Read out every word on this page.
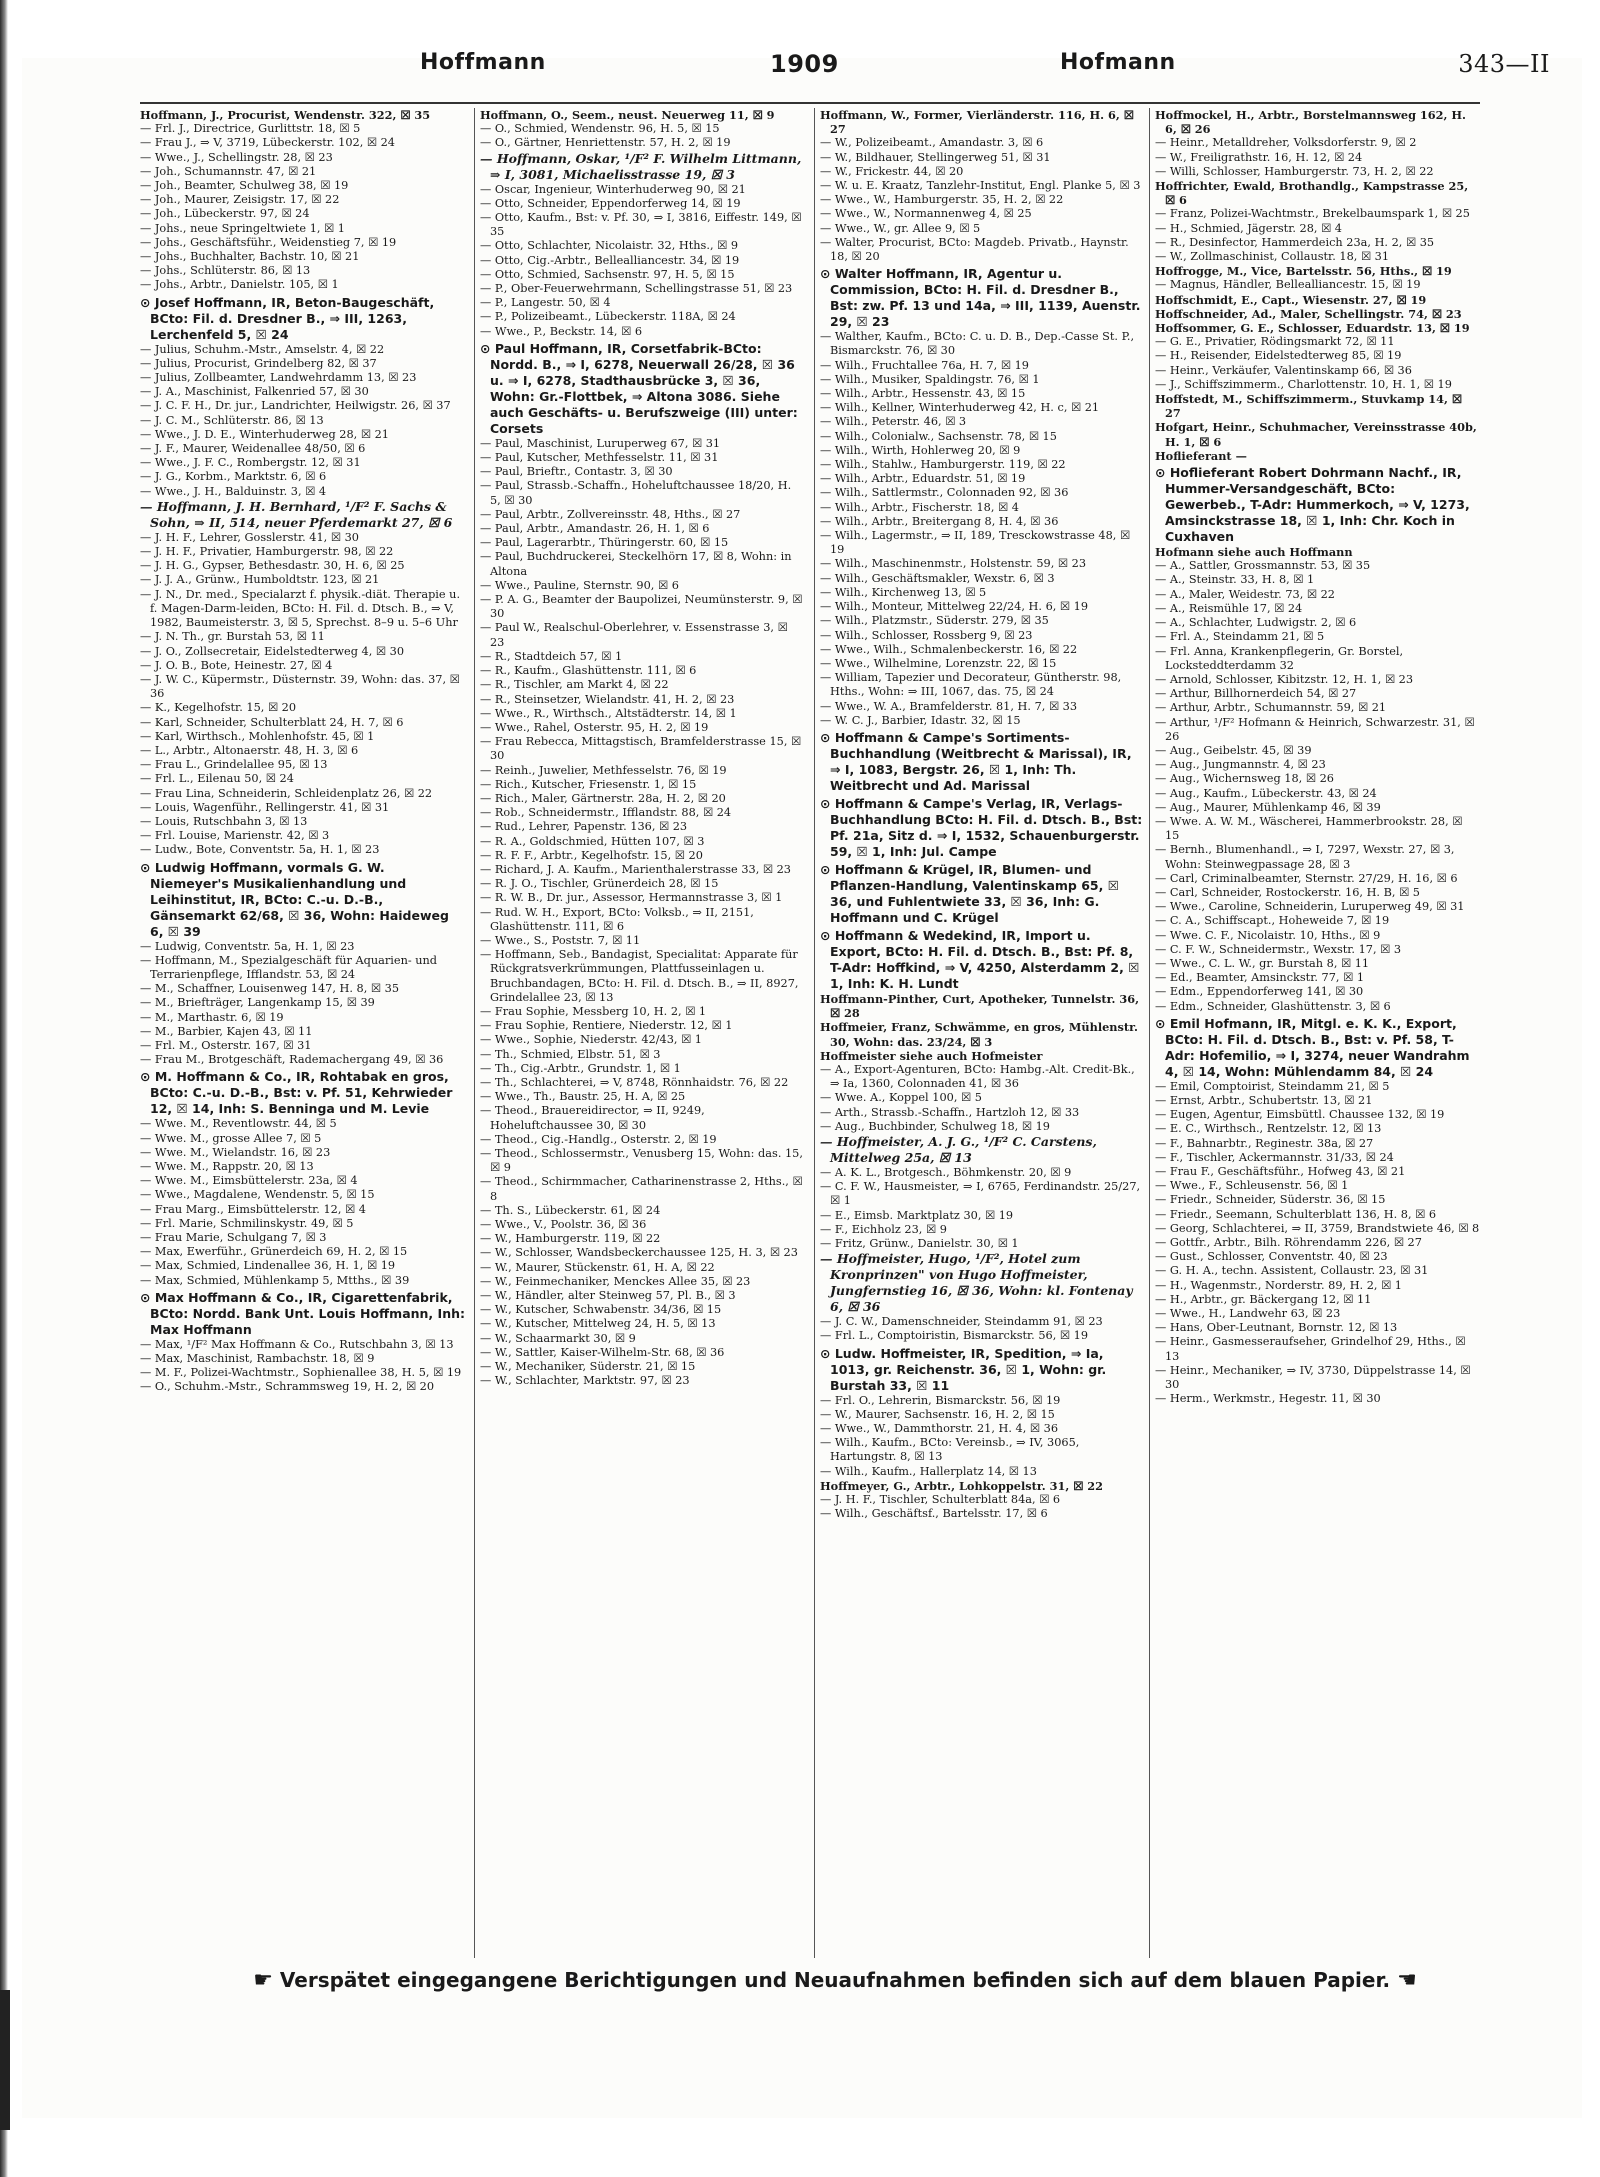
Hoffmann	1909	Hofmann	343—II

Hoffmann, J., Procurist, Wendenstr. 322, ☒ 35

— Frl. J., Directrice, Gurlittstr. 18, ☒ 5

— Frau J., ⇒ V, 3719, Lübeckerstr. 102, ☒ 24

— Wwe., J., Schellingstr. 28, ☒ 23

— Joh., Schumannstr. 47, ☒ 21

— Joh., Beamter, Schulweg 38, ☒ 19

— Joh., Maurer, Zeisigstr. 17, ☒ 22

— Joh., Lübeckerstr. 97, ☒ 24

— Johs., neue Springeltwiete 1, ☒ 1

— Johs., Geschäftsführ., Weidenstieg 7, ☒ 19

— Johs., Buchhalter, Bachstr. 10, ☒ 21

— Johs., Schlüterstr. 86, ☒ 13

— Johs., Arbtr., Danielstr. 105, ☒ 1

⊙ Josef Hoffmann, IR, Beton-Baugeschäft, BCto: Fil. d. Dresdner B., ⇒ III, 1263, Lerchenfeld 5, ☒ 24

— Julius, Schuhm.-Mstr., Amselstr. 4, ☒ 22

— Julius, Procurist, Grindelberg 82, ☒ 37

— Julius, Zollbeamter, Landwehrdamm 13, ☒ 23

— J. A., Maschinist, Falkenried 57, ☒ 30

— J. C. F. H., Dr. jur., Landrichter, Heilwigstr. 26, ☒ 37

— J. C. M., Schlüterstr. 86, ☒ 13

— Wwe., J. D. E., Winterhuderweg 28, ☒ 21

— J. F., Maurer, Weidenallee 48/50, ☒ 6

— Wwe., J. F. C., Rombergstr. 12, ☒ 31

— J. G., Korbm., Marktstr. 6, ☒ 6

— Wwe., J. H., Balduinstr. 3, ☒ 4

— Hoffmann, J. H. Bernhard, ¹/F² F. Sachs & Sohn, ⇒ II, 514, neuer Pferdemarkt 27, ☒ 6

— J. H. F., Lehrer, Gosslerstr. 41, ☒ 30

— J. H. F., Privatier, Hamburgerstr. 98, ☒ 22

— J. H. G., Gypser, Bethesdastr. 30, H. 6, ☒ 25

— J. J. A., Grünw., Humboldtstr. 123, ☒ 21

— J. N., Dr. med., Specialarzt f. physik.-diät. Therapie u. f. Magen-Darm-leiden, BCto: H. Fil. d. Dtsch. B., ⇒ V, 1982, Baumeisterstr. 3, ☒ 5, Sprechst. 8–9 u. 5–6 Uhr

— J. N. Th., gr. Burstah 53, ☒ 11

— J. O., Zollsecretair, Eidelstedterweg 4, ☒ 30

— J. O. B., Bote, Heinestr. 27, ☒ 4

— J. W. C., Küpermstr., Düsternstr. 39, Wohn: das. 37, ☒ 36

— K., Kegelhofstr. 15, ☒ 20

— Karl, Schneider, Schulterblatt 24, H. 7, ☒ 6

— Karl, Wirthsch., Mohlenhofstr. 45, ☒ 1

— L., Arbtr., Altonaerstr. 48, H. 3, ☒ 6

— Frau L., Grindelallee 95, ☒ 13

— Frl. L., Eilenau 50, ☒ 24

— Frau Lina, Schneiderin, Schleidenplatz 26, ☒ 22

— Louis, Wagenführ., Rellingerstr. 41, ☒ 31

— Louis, Rutschbahn 3, ☒ 13

— Frl. Louise, Marienstr. 42, ☒ 3

— Ludw., Bote, Conventstr. 5a, H. 1, ☒ 23

⊙ Ludwig Hoffmann, vormals G. W. Niemeyer's Musikalienhandlung und Leihinstitut, IR, BCto: C.-u. D.-B., Gänsemarkt 62/68, ☒ 36, Wohn: Haideweg 6, ☒ 39

— Ludwig, Conventstr. 5a, H. 1, ☒ 23

— Hoffmann, M., Spezialgeschäft für Aquarien- und Terrarienpflege, Ifflandstr. 53, ☒ 24

— M., Schaffner, Louisenweg 147, H. 8, ☒ 35

— M., Briefträger, Langenkamp 15, ☒ 39

— M., Marthastr. 6, ☒ 19

— M., Barbier, Kajen 43, ☒ 11

— Frl. M., Osterstr. 167, ☒ 31

— Frau M., Brotgeschäft, Rademachergang 49, ☒ 36

⊙ M. Hoffmann & Co., IR, Rohtabak en gros, BCto: C.-u. D.-B., Bst: v. Pf. 51, Kehrwieder 12, ☒ 14, Inh: S. Benninga und M. Levie

— Wwe. M., Reventlowstr. 44, ☒ 5

— Wwe. M., grosse Allee 7, ☒ 5

— Wwe. M., Wielandstr. 16, ☒ 23

— Wwe. M., Rappstr. 20, ☒ 13

— Wwe. M., Eimsbüttelerstr. 23a, ☒ 4

— Wwe., Magdalene, Wendenstr. 5, ☒ 15

— Frau Marg., Eimsbüttelerstr. 12, ☒ 4

— Frl. Marie, Schmilinskystr. 49, ☒ 5

— Frau Marie, Schulgang 7, ☒ 3

— Max, Ewerführ., Grünerdeich 69, H. 2, ☒ 15

— Max, Schmied, Lindenallee 36, H. 1, ☒ 19

— Max, Schmied, Mühlenkamp 5, Mtths., ☒ 39

⊙ Max Hoffmann & Co., IR, Cigarettenfabrik, BCto: Nordd. Bank Unt. Louis Hoffmann, Inh: Max Hoffmann

— Max, ¹/F² Max Hoffmann & Co., Rutschbahn 3, ☒ 13

— Max, Maschinist, Rambachstr. 18, ☒ 9

— M. F., Polizei-Wachtmstr., Sophienallee 38, H. 5, ☒ 19

— O., Schuhm.-Mstr., Schrammsweg 19, H. 2, ☒ 20

Hoffmann, O., Seem., neust. Neuerweg 11, ☒ 9

— O., Schmied, Wendenstr. 96, H. 5, ☒ 15

— O., Gärtner, Henriettenstr. 57, H. 2, ☒ 19

— Hoffmann, Oskar, ¹/F² F. Wilhelm Littmann, ⇒ I, 3081, Michaelisstrasse 19, ☒ 3

— Oscar, Ingenieur, Winterhuderweg 90, ☒ 21

— Otto, Schneider, Eppendorferweg 14, ☒ 19

— Otto, Kaufm., Bst: v. Pf. 30, ⇒ I, 3816, Eiffestr. 149, ☒ 35

— Otto, Schlachter, Nicolaistr. 32, Hths., ☒ 9

— Otto, Cig.-Arbtr., Bellealliancestr. 34, ☒ 19

— Otto, Schmied, Sachsenstr. 97, H. 5, ☒ 15

— P., Ober-Feuerwehrmann, Schellingstrasse 51, ☒ 23

— P., Langestr. 50, ☒ 4

— P., Polizeibeamt., Lübeckerstr. 118A, ☒ 24

— Wwe., P., Beckstr. 14, ☒ 6

⊙ Paul Hoffmann, IR, Corsetfabrik-BCto: Nordd. B., ⇒ I, 6278, Neuerwall 26/28, ☒ 36 u. ⇒ I, 6278, Stadthausbrücke 3, ☒ 36, Wohn: Gr.-Flottbek, ⇒ Altona 3086. Siehe auch Geschäfts- u. Berufszweige (III) unter: Corsets

— Paul, Maschinist, Luruperweg 67, ☒ 31

— Paul, Kutscher, Methfesselstr. 11, ☒ 31

— Paul, Brieftr., Contastr. 3, ☒ 30

— Paul, Strassb.-Schaffn., Hoheluftchaussee 18/20, H. 5, ☒ 30

— Paul, Arbtr., Zollvereinsstr. 48, Hths., ☒ 27

— Paul, Arbtr., Amandastr. 26, H. 1, ☒ 6

— Paul, Lagerarbtr., Thüringerstr. 60, ☒ 15

— Paul, Buchdruckerei, Steckelhörn 17, ☒ 8, Wohn: in Altona

— Wwe., Pauline, Sternstr. 90, ☒ 6

— P. A. G., Beamter der Baupolizei, Neumünsterstr. 9, ☒ 30

— Paul W., Realschul-Oberlehrer, v. Essenstrasse 3, ☒ 23

— R., Stadtdeich 57, ☒ 1

— R., Kaufm., Glashüttenstr. 111, ☒ 6

— R., Tischler, am Markt 4, ☒ 22

— R., Steinsetzer, Wielandstr. 41, H. 2, ☒ 23

— Wwe., R., Wirthsch., Altstädterstr. 14, ☒ 1

— Wwe., Rahel, Osterstr. 95, H. 2, ☒ 19

— Frau Rebecca, Mittagstisch, Bramfelderstrasse 15, ☒ 30

— Reinh., Juwelier, Methfesselstr. 76, ☒ 19

— Rich., Kutscher, Friesenstr. 1, ☒ 15

— Rich., Maler, Gärtnerstr. 28a, H. 2, ☒ 20

— Rob., Schneidermstr., Ifflandstr. 88, ☒ 24

— Rud., Lehrer, Papenstr. 136, ☒ 23

— R. A., Goldschmied, Hütten 107, ☒ 3

— R. F. F., Arbtr., Kegelhofstr. 15, ☒ 20

— Richard, J. A. Kaufm., Marienthalerstrasse 33, ☒ 23

— R. J. O., Tischler, Grünerdeich 28, ☒ 15

— R. W. B., Dr. jur., Assessor, Hermannstrasse 3, ☒ 1

— Rud. W. H., Export, BCto: Volksb., ⇒ II, 2151, Glashüttenstr. 111, ☒ 6

— Wwe., S., Poststr. 7, ☒ 11

— Hoffmann, Seb., Bandagist, Specialitat: Apparate für Rückgratsverkrümmungen, Plattfusseinlagen u. Bruchbandagen, BCto: H. Fil. d. Dtsch. B., ⇒ II, 8927, Grindelallee 23, ☒ 13

— Frau Sophie, Messberg 10, H. 2, ☒ 1

— Frau Sophie, Rentiere, Niederstr. 12, ☒ 1

— Wwe., Sophie, Niederstr. 42/43, ☒ 1

— Th., Schmied, Elbstr. 51, ☒ 3

— Th., Cig.-Arbtr., Grundstr. 1, ☒ 1

— Th., Schlachterei, ⇒ V, 8748, Rönnhaidstr. 76, ☒ 22

— Wwe., Th., Baustr. 25, H. A, ☒ 25

— Theod., Brauereidirector, ⇒ II, 9249, Hoheluftchaussee 30, ☒ 30

— Theod., Cig.-Handlg., Osterstr. 2, ☒ 19

— Theod., Schlossermstr., Venusberg 15, Wohn: das. 15, ☒ 9

— Theod., Schirmmacher, Catharinenstrasse 2, Hths., ☒ 8

— Th. S., Lübeckerstr. 61, ☒ 24

— Wwe., V., Poolstr. 36, ☒ 36

— W., Hamburgerstr. 119, ☒ 22

— W., Schlosser, Wandsbeckerchaussee 125, H. 3, ☒ 23

— W., Maurer, Stückenstr. 61, H. A, ☒ 22

— W., Feinmechaniker, Menckes Allee 35, ☒ 23

— W., Händler, alter Steinweg 57, Pl. B., ☒ 3

— W., Kutscher, Schwabenstr. 34/36, ☒ 15

— W., Kutscher, Mittelweg 24, H. 5, ☒ 13

— W., Schaarmarkt 30, ☒ 9

— W., Sattler, Kaiser-Wilhelm-Str. 68, ☒ 36

— W., Mechaniker, Süderstr. 21, ☒ 15

— W., Schlachter, Marktstr. 97, ☒ 23

Hoffmann, W., Former, Vierländerstr. 116, H. 6, ☒ 27

— W., Polizeibeamt., Amandastr. 3, ☒ 6

— W., Bildhauer, Stellingerweg 51, ☒ 31

— W., Frickestr. 44, ☒ 20

— W. u. E. Kraatz, Tanzlehr-Institut, Engl. Planke 5, ☒ 3

— Wwe., W., Hamburgerstr. 35, H. 2, ☒ 22

— Wwe., W., Normannenweg 4, ☒ 25

— Wwe., W., gr. Allee 9, ☒ 5

— Walter, Procurist, BCto: Magdeb. Privatb., Haynstr. 18, ☒ 20

⊙ Walter Hoffmann, IR, Agentur u. Commission, BCto: H. Fil. d. Dresdner B., Bst: zw. Pf. 13 und 14a, ⇒ III, 1139, Auenstr. 29, ☒ 23

— Walther, Kaufm., BCto: C. u. D. B., Dep.-Casse St. P., Bismarckstr. 76, ☒ 30

— Wilh., Fruchtallee 76a, H. 7, ☒ 19

— Wilh., Musiker, Spaldingstr. 76, ☒ 1

— Wilh., Arbtr., Hessenstr. 43, ☒ 15

— Wilh., Kellner, Winterhuderweg 42, H. c, ☒ 21

— Wilh., Peterstr. 46, ☒ 3

— Wilh., Colonialw., Sachsenstr. 78, ☒ 15

— Wilh., Wirth, Hohlerweg 20, ☒ 9

— Wilh., Stahlw., Hamburgerstr. 119, ☒ 22

— Wilh., Arbtr., Eduardstr. 51, ☒ 19

— Wilh., Sattlermstr., Colonnaden 92, ☒ 36

— Wilh., Arbtr., Fischerstr. 18, ☒ 4

— Wilh., Arbtr., Breitergang 8, H. 4, ☒ 36

— Wilh., Lagermstr., ⇒ II, 189, Tresckowstrasse 48, ☒ 19

— Wilh., Maschinenmstr., Holstenstr. 59, ☒ 23

— Wilh., Geschäftsmakler, Wexstr. 6, ☒ 3

— Wilh., Kirchenweg 13, ☒ 5

— Wilh., Monteur, Mittelweg 22/24, H. 6, ☒ 19

— Wilh., Platzmstr., Süderstr. 279, ☒ 35

— Wilh., Schlosser, Rossberg 9, ☒ 23

— Wwe., Wilh., Schmalenbeckerstr. 16, ☒ 22

— Wwe., Wilhelmine, Lorenzstr. 22, ☒ 15

— William, Tapezier und Decorateur, Güntherstr. 98, Hths., Wohn: ⇒ III, 1067, das. 75, ☒ 24

— Wwe., W. A., Bramfelderstr. 81, H. 7, ☒ 33

— W. C. J., Barbier, Idastr. 32, ☒ 15

⊙ Hoffmann & Campe's Sortiments-Buchhandlung (Weitbrecht & Marissal), IR, ⇒ I, 1083, Bergstr. 26, ☒ 1, Inh: Th. Weitbrecht und Ad. Marissal

⊙ Hoffmann & Campe's Verlag, IR, Verlags-Buchhandlung BCto: H. Fil. d. Dtsch. B., Bst: Pf. 21a, Sitz d. ⇒ I, 1532, Schauenburgerstr. 59, ☒ 1, Inh: Jul. Campe

⊙ Hoffmann & Krügel, IR, Blumen- und Pflanzen-Handlung, Valentinskamp 65, ☒ 36, und Fuhlentwiete 33, ☒ 36, Inh: G. Hoffmann und C. Krügel

⊙ Hoffmann & Wedekind, IR, Import u. Export, BCto: H. Fil. d. Dtsch. B., Bst: Pf. 8, T-Adr: Hoffkind, ⇒ V, 4250, Alsterdamm 2, ☒ 1, Inh: K. H. Lundt

Hoffmann-Pinther, Curt, Apotheker, Tunnelstr. 36, ☒ 28

Hoffmeier, Franz, Schwämme, en gros, Mühlenstr. 30, Wohn: das. 23/24, ☒ 3

Hoffmeister siehe auch Hofmeister

— A., Export-Agenturen, BCto: Hambg.-Alt. Credit-Bk., ⇒ Ia, 1360, Colonnaden 41, ☒ 36

— Wwe. A., Koppel 100, ☒ 5

— Arth., Strassb.-Schaffn., Hartzloh 12, ☒ 33

— Aug., Buchbinder, Schulweg 18, ☒ 19

— Hoffmeister, A. J. G., ¹/F² C. Carstens, Mittelweg 25a, ☒ 13

— A. K. L., Brotgesch., Böhmkenstr. 20, ☒ 9

— C. F. W., Hausmeister, ⇒ I, 6765, Ferdinandstr. 25/27, ☒ 1

— E., Eimsb. Marktplatz 30, ☒ 19

— F., Eichholz 23, ☒ 9

— Fritz, Grünw., Danielstr. 30, ☒ 1

— Hoffmeister, Hugo, ¹/F², Hotel zum Kronprinzen" von Hugo Hoffmeister, Jungfernstieg 16, ☒ 36, Wohn: kl. Fontenay 6, ☒ 36

— J. C. W., Damenschneider, Steindamm 91, ☒ 23

— Frl. L., Comptoiristin, Bismarckstr. 56, ☒ 19

⊙ Ludw. Hoffmeister, IR, Spedition, ⇒ Ia, 1013, gr. Reichenstr. 36, ☒ 1, Wohn: gr. Burstah 33, ☒ 11

— Frl. O., Lehrerin, Bismarckstr. 56, ☒ 19

— W., Maurer, Sachsenstr. 16, H. 2, ☒ 15

— Wwe., W., Dammthorstr. 21, H. 4, ☒ 36

— Wilh., Kaufm., BCto: Vereinsb., ⇒ IV, 3065, Hartungstr. 8, ☒ 13

— Wilh., Kaufm., Hallerplatz 14, ☒ 13

Hoffmeyer, G., Arbtr., Lohkoppelstr. 31, ☒ 22

— J. H. F., Tischler, Schulterblatt 84a, ☒ 6

— Wilh., Geschäftsf., Bartelsstr. 17, ☒ 6

Hoffmockel, H., Arbtr., Borstelmannsweg 162, H. 6, ☒ 26

— Heinr., Metalldreher, Volksdorferstr. 9, ☒ 2

— W., Freiligrathstr. 16, H. 12, ☒ 24

— Willi, Schlosser, Hamburgerstr. 73, H. 2, ☒ 22

Hoffrichter, Ewald, Brothandlg., Kampstrasse 25, ☒ 6

— Franz, Polizei-Wachtmstr., Brekelbaumspark 1, ☒ 25

— H., Schmied, Jägerstr. 28, ☒ 4

— R., Desinfector, Hammerdeich 23a, H. 2, ☒ 35

— W., Zollmaschinist, Collaustr. 18, ☒ 31

Hoffrogge, M., Vice, Bartelsstr. 56, Hths., ☒ 19

— Magnus, Händler, Bellealliancestr. 15, ☒ 19

Hoffschmidt, E., Capt., Wiesenstr. 27, ☒ 19

Hoffschneider, Ad., Maler, Schellingstr. 74, ☒ 23

Hoffsommer, G. E., Schlosser, Eduardstr. 13, ☒ 19

— G. E., Privatier, Rödingsmarkt 72, ☒ 11

— H., Reisender, Eidelstedterweg 85, ☒ 19

— Heinr., Verkäufer, Valentinskamp 66, ☒ 36

— J., Schiffszimmerm., Charlottenstr. 10, H. 1, ☒ 19

Hoffstedt, M., Schiffszimmerm., Stuvkamp 14, ☒ 27

Hofgart, Heinr., Schuhmacher, Vereinsstrasse 40b, H. 1, ☒ 6

Hoflieferant —

⊙ Hoflieferant Robert Dohrmann Nachf., IR, Hummer-Versandgeschäft, BCto: Gewerbeb., T-Adr: Hummerkoch, ⇒ V, 1273, Amsinckstrasse 18, ☒ 1, Inh: Chr. Koch in Cuxhaven

Hofmann siehe auch Hoffmann

— A., Sattler, Grossmannstr. 53, ☒ 35

— A., Steinstr. 33, H. 8, ☒ 1

— A., Maler, Weidestr. 73, ☒ 22

— A., Reismühle 17, ☒ 24

— A., Schlachter, Ludwigstr. 2, ☒ 6

— Frl. A., Steindamm 21, ☒ 5

— Frl. Anna, Krankenpflegerin, Gr. Borstel, Locksteddterdamm 32

— Arnold, Schlosser, Kibitzstr. 12, H. 1, ☒ 23

— Arthur, Billhornerdeich 54, ☒ 27

— Arthur, Arbtr., Schumannstr. 59, ☒ 21

— Arthur, ¹/F² Hofmann & Heinrich, Schwarzestr. 31, ☒ 26

— Aug., Geibelstr. 45, ☒ 39

— Aug., Jungmannstr. 4, ☒ 23

— Aug., Wichernsweg 18, ☒ 26

— Aug., Kaufm., Lübeckerstr. 43, ☒ 24

— Aug., Maurer, Mühlenkamp 46, ☒ 39

— Wwe. A. W. M., Wäscherei, Hammerbrookstr. 28, ☒ 15

— Bernh., Blumenhandl., ⇒ I, 7297, Wexstr. 27, ☒ 3, Wohn: Steinwegpassage 28, ☒ 3

— Carl, Criminalbeamter, Sternstr. 27/29, H. 16, ☒ 6

— Carl, Schneider, Rostockerstr. 16, H. B, ☒ 5

— Wwe., Caroline, Schneiderin, Luruperweg 49, ☒ 31

— C. A., Schiffscapt., Hoheweide 7, ☒ 19

— Wwe. C. F., Nicolaistr. 10, Hths., ☒ 9

— C. F. W., Schneidermstr., Wexstr. 17, ☒ 3

— Wwe., C. L. W., gr. Burstah 8, ☒ 11

— Ed., Beamter, Amsinckstr. 77, ☒ 1

— Edm., Eppendorferweg 141, ☒ 30

— Edm., Schneider, Glashüttenstr. 3, ☒ 6

⊙ Emil Hofmann, IR, Mitgl. e. K. K., Export, BCto: H. Fil. d. Dtsch. B., Bst: v. Pf. 58, T-Adr: Hofemilio, ⇒ I, 3274, neuer Wandrahm 4, ☒ 14, Wohn: Mühlendamm 84, ☒ 24

— Emil, Comptoirist, Steindamm 21, ☒ 5

— Ernst, Arbtr., Schubertstr. 13, ☒ 21

— Eugen, Agentur, Eimsbüttl. Chaussee 132, ☒ 19

— E. C., Wirthsch., Rentzelstr. 12, ☒ 13

— F., Bahnarbtr., Reginestr. 38a, ☒ 27

— F., Tischler, Ackermannstr. 31/33, ☒ 24

— Frau F., Geschäftsführ., Hofweg 43, ☒ 21

— Wwe., F., Schleusenstr. 56, ☒ 1

— Friedr., Schneider, Süderstr. 36, ☒ 15

— Friedr., Seemann, Schulterblatt 136, H. 8, ☒ 6

— Georg, Schlachterei, ⇒ II, 3759, Brandstwiete 46, ☒ 8

— Gottfr., Arbtr., Bilh. Röhrendamm 226, ☒ 27

— Gust., Schlosser, Conventstr. 40, ☒ 23

— G. H. A., techn. Assistent, Collaustr. 23, ☒ 31

— H., Wagenmstr., Norderstr. 89, H. 2, ☒ 1

— H., Arbtr., gr. Bäckergang 12, ☒ 11

— Wwe., H., Landwehr 63, ☒ 23

— Hans, Ober-Leutnant, Bornstr. 12, ☒ 13

— Heinr., Gasmesseraufseher, Grindelhof 29, Hths., ☒ 13

— Heinr., Mechaniker, ⇒ IV, 3730, Düppelstrasse 14, ☒ 30

— Herm., Werkmstr., Hegestr. 11, ☒ 30

☛ Verspätet eingegangene Berichtigungen und Neuaufnahmen befinden sich auf dem blauen Papier. ☚
